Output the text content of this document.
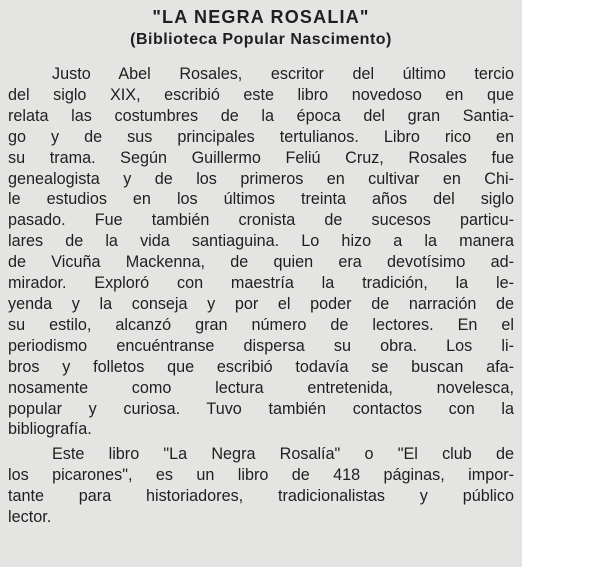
"LA NEGRA ROSALIA"
(Biblioteca Popular Nascimento)
Justo Abel Rosales, escritor del último tercio
del siglo XIX, escribió este libro novedoso en que
relata las costumbres de la época del gran Santia-
go y de sus principales tertulianos. Libro rico en
su trama. Según Guillermo Feliú Cruz, Rosales fue
genealogista y de los primeros en cultivar en Chi-
le estudios en los últimos treinta años del siglo
pasado. Fue también cronista de sucesos particu-
lares de la vida santiaguina. Lo hizo a la manera
de Vicuña Mackenna, de quien era devotísimo ad-
mirador. Exploró con maestría la tradición, la le-
yenda y la conseja y por el poder de narración de
su estilo, alcanzó gran número de lectores. En el
periodismo encuéntranse dispersa su obra. Los li-
bros y folletos que escribió todavía se buscan afa-
nosamente como lectura entretenida, novelesca,
popular y curiosa. Tuvo también contactos con la
bibliografía.
Este libro "La Negra Rosalía" o "El club de
los picarones", es un libro de 418 páginas, impor-
tante para historiadores, tradicionalistas y público
lector.
